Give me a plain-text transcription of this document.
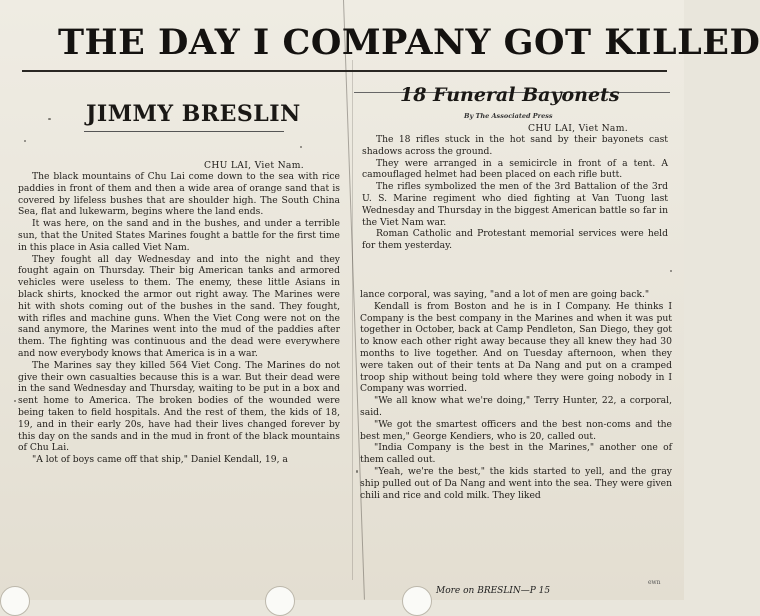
THE DAY I COMPANY GOT KILLED
JIMMY BRESLIN
CHU LAI, Viet Nam.

The black mountains of Chu Lai come down to the sea with rice paddies in front of them and then a wide area of orange sand that is covered by lifeless bushes that are shoulder high. The South China Sea, flat and lukewarm, begins where the land ends.

It was here, on the sand and in the bushes, and under a terrible sun, that the United States Marines fought a battle for the first time in this place in Asia called Viet Nam.

They fought all day Wednesday and into the night and they fought again on Thursday. Their big American tanks and armored vehicles were useless to them. The enemy, these little Asians in black shirts, knocked the armor out right away. The Marines were hit with shots coming out of the bushes in the sand. They fought, with rifles and machine guns. When the Viet Cong were not on the sand anymore, the Marines went into the mud of the paddies after them. The fighting was continuous and the dead were everywhere and now everybody knows that America is in a war.

The Marines say they killed 564 Viet Cong. The Marines do not give their own casualties because this is a war. But their dead were in the sand Wednesday and Thursday, waiting to be put in a box and sent home to America. The broken bodies of the wounded were being taken to field hospitals. And the rest of them, the kids of 18, 19, and in their early 20s, have had their lives changed forever by this day on the sands and in the mud in front of the black mountains of Chu Lai.

"A lot of boys came off that ship," Daniel Kendall, 19, a

18 Funeral Bayonets
By The Associated Press
CHU LAI, Viet Nam.

The 18 rifles stuck in the hot sand by their bayonets cast shadows across the ground.

They were arranged in a semicircle in front of a tent. A camouflaged helmet had been placed on each rifle butt.

The rifles symbolized the men of the 3rd Battalion of the 3rd U. S. Marine regiment who died fighting at Van Tuong last Wednesday and Thursday in the biggest American battle so far in the Viet Nam war.

Roman Catholic and Protestant memorial services were held for them yesterday.

lance corporal, was saying, "and a lot of men are going back."

Kendall is from Boston and he is in I Company. He thinks I Company is the best company in the Marines and when it was put together in October, back at Camp Pendleton, San Diego, they got to know each other right away because they all knew they had 30 months to live together. And on Tuesday afternoon, when they were taken out of their tents at Da Nang and put on a cramped troop ship without being told where they were going nobody in I Company was worried.

"We all know what we're doing," Terry Hunter, 22, a corporal, said.

"We got the smartest officers and the best non-coms and the best men," George Kendiers, who is 20, called out.

"India Company is the best in the Marines," another one of them called out.

"Yeah, we're the best," the kids started to yell, and the gray ship pulled out of Da Nang and went into the sea. They were given chili and rice and cold milk. They liked

More on BRESLIN—P 15
ewn
